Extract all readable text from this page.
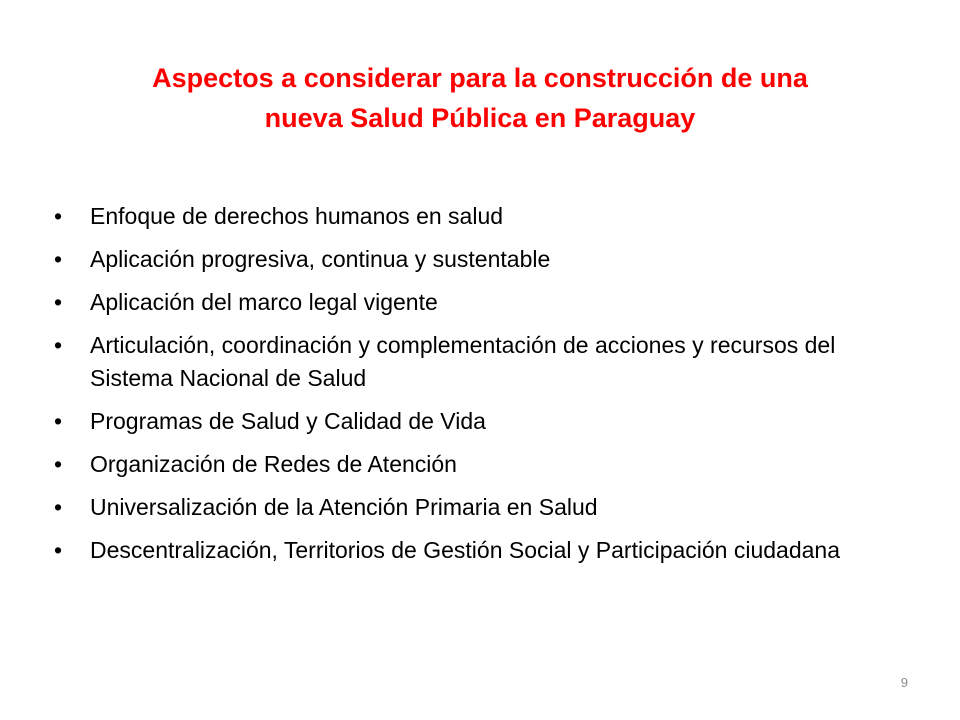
Aspectos a considerar para la construcción de una
nueva Salud Pública en Paraguay
• Enfoque de derechos humanos en salud
• Aplicación progresiva, continua y sustentable
• Aplicación del marco legal vigente
• Articulación, coordinación y complementación de acciones y recursos del Sistema Nacional de Salud
• Programas de Salud y Calidad de Vida
• Organización de Redes de Atención
• Universalización de la Atención Primaria en Salud
• Descentralización, Territorios de Gestión Social y Participación ciudadana
9
